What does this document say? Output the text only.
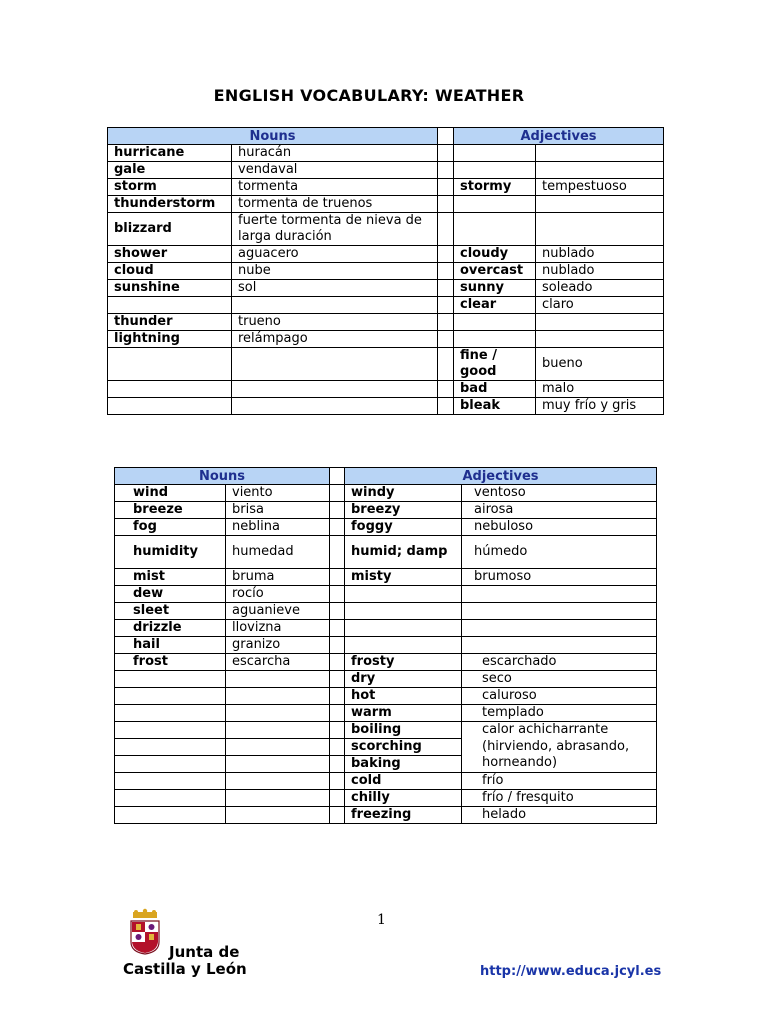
ENGLISH VOCABULARY: WEATHER
Nouns			Adjectives	
hurricane	huracán			
gale	vendaval			
storm	tormenta		stormy	tempestuoso
thunderstorm	tormenta de truenos			
blizzard	fuerte tormenta de nieva de larga duración			
shower	aguacero		cloudy	nublado
cloud	nube		overcast	nublado
sunshine	sol		sunny	soleado
			clear	claro
thunder	trueno			
lightning	relámpago			
			fine / good	bueno
			bad	malo
			bleak	muy frío y gris
Nouns			Adjectives	
wind	viento		windy	ventoso
breeze	brisa		breezy	airosa
fog	neblina		foggy	nebuloso
humidity	humedad		humid; damp	húmedo
mist	bruma		misty	brumoso
dew	rocío			
sleet	aguanieve			
drizzle	llovizna			
hail	granizo			
frost	escarcha		frosty	escarchado
			dry	seco
			hot	caluroso
			warm	templado
			boiling	calor achicharrante (hirviendo, abrasando, horneando)
			scorching	
			baking	
			cold	frío
			chilly	frío / fresquito
			freezing	helado
1
Junta de
Castilla y León	http://www.educa.jcyl.es
